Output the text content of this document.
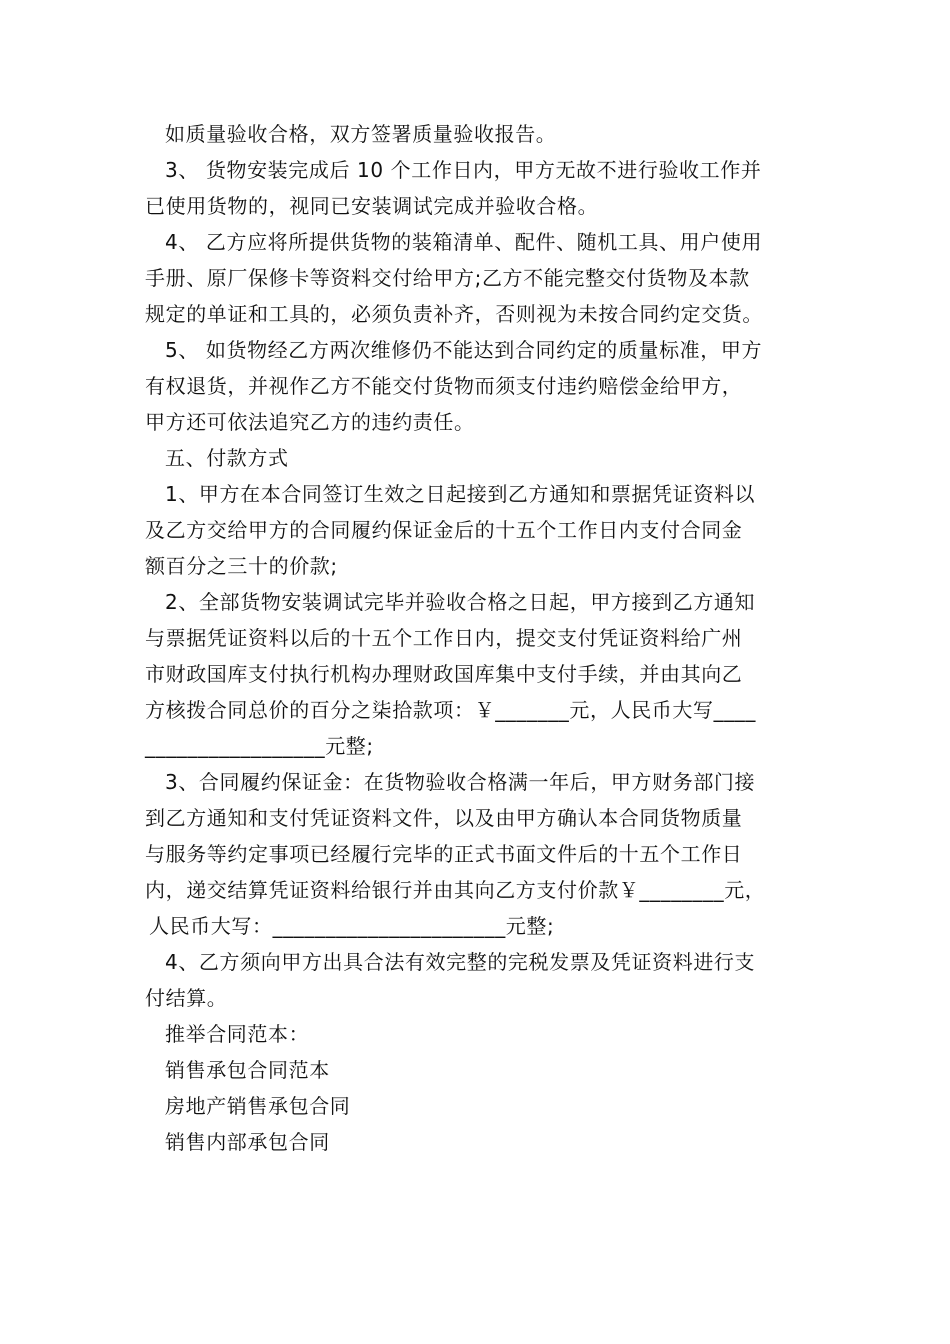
如质量验收合格，双方签署质量验收报告。
3、 货物安装完成后 10 个工作日内，甲方无故不进行验收工作并
已使用货物的，视同已安装调试完成并验收合格。
4、 乙方应将所提供货物的装箱清单、配件、随机工具、用户使用
手册、原厂保修卡等资料交付给甲方;乙方不能完整交付货物及本款
规定的单证和工具的，必须负责补齐，否则视为未按合同约定交货。
5、 如货物经乙方两次维修仍不能达到合同约定的质量标准，甲方
有权退货，并视作乙方不能交付货物而须支付违约赔偿金给甲方，
甲方还可依法追究乙方的违约责任。
五、付款方式
1、甲方在本合同签订生效之日起接到乙方通知和票据凭证资料以
及乙方交给甲方的合同履约保证金后的十五个工作日内支付合同金
额百分之三十的价款;
2、全部货物安装调试完毕并验收合格之日起，甲方接到乙方通知
与票据凭证资料以后的十五个工作日内，提交支付凭证资料给广州
市财政国库支付执行机构办理财政国库集中支付手续，并由其向乙
方核拨合同总价的百分之柒拾款项：￥_______元，人民币大写____
_________________元整;
3、合同履约保证金：在货物验收合格满一年后，甲方财务部门接
到乙方通知和支付凭证资料文件，以及由甲方确认本合同货物质量
与服务等约定事项已经履行完毕的正式书面文件后的十五个工作日
内，递交结算凭证资料给银行并由其向乙方支付价款￥________元，
人民币大写：______________________元整;
4、乙方须向甲方出具合法有效完整的完税发票及凭证资料进行支
付结算。
推举合同范本：
销售承包合同范本
房地产销售承包合同
销售内部承包合同
